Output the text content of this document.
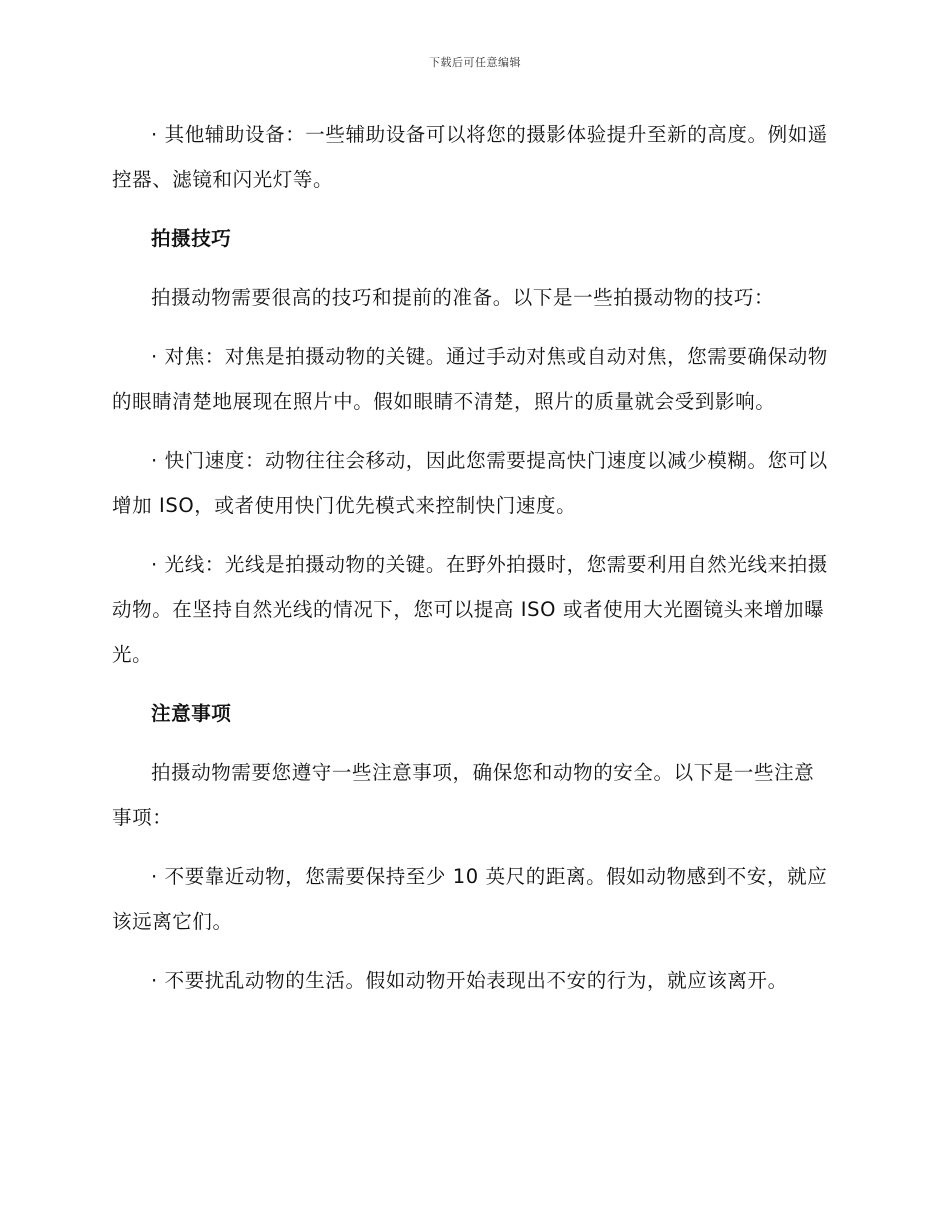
下载后可任意编辑

· 其他辅助设备：一些辅助设备可以将您的摄影体验提升至新的高度。例如遥控器、滤镜和闪光灯等。

拍摄技巧

拍摄动物需要很高的技巧和提前的准备。以下是一些拍摄动物的技巧：

· 对焦：对焦是拍摄动物的关键。通过手动对焦或自动对焦，您需要确保动物的眼睛清楚地展现在照片中。假如眼睛不清楚，照片的质量就会受到影响。

· 快门速度：动物往往会移动，因此您需要提高快门速度以减少模糊。您可以增加 ISO，或者使用快门优先模式来控制快门速度。

· 光线：光线是拍摄动物的关键。在野外拍摄时，您需要利用自然光线来拍摄动物。在坚持自然光线的情况下，您可以提高 ISO 或者使用大光圈镜头来增加曝光。

注意事项

拍摄动物需要您遵守一些注意事项，确保您和动物的安全。以下是一些注意事项：

· 不要靠近动物，您需要保持至少 10 英尺的距离。假如动物感到不安，就应该远离它们。

· 不要扰乱动物的生活。假如动物开始表现出不安的行为，就应该离开。
